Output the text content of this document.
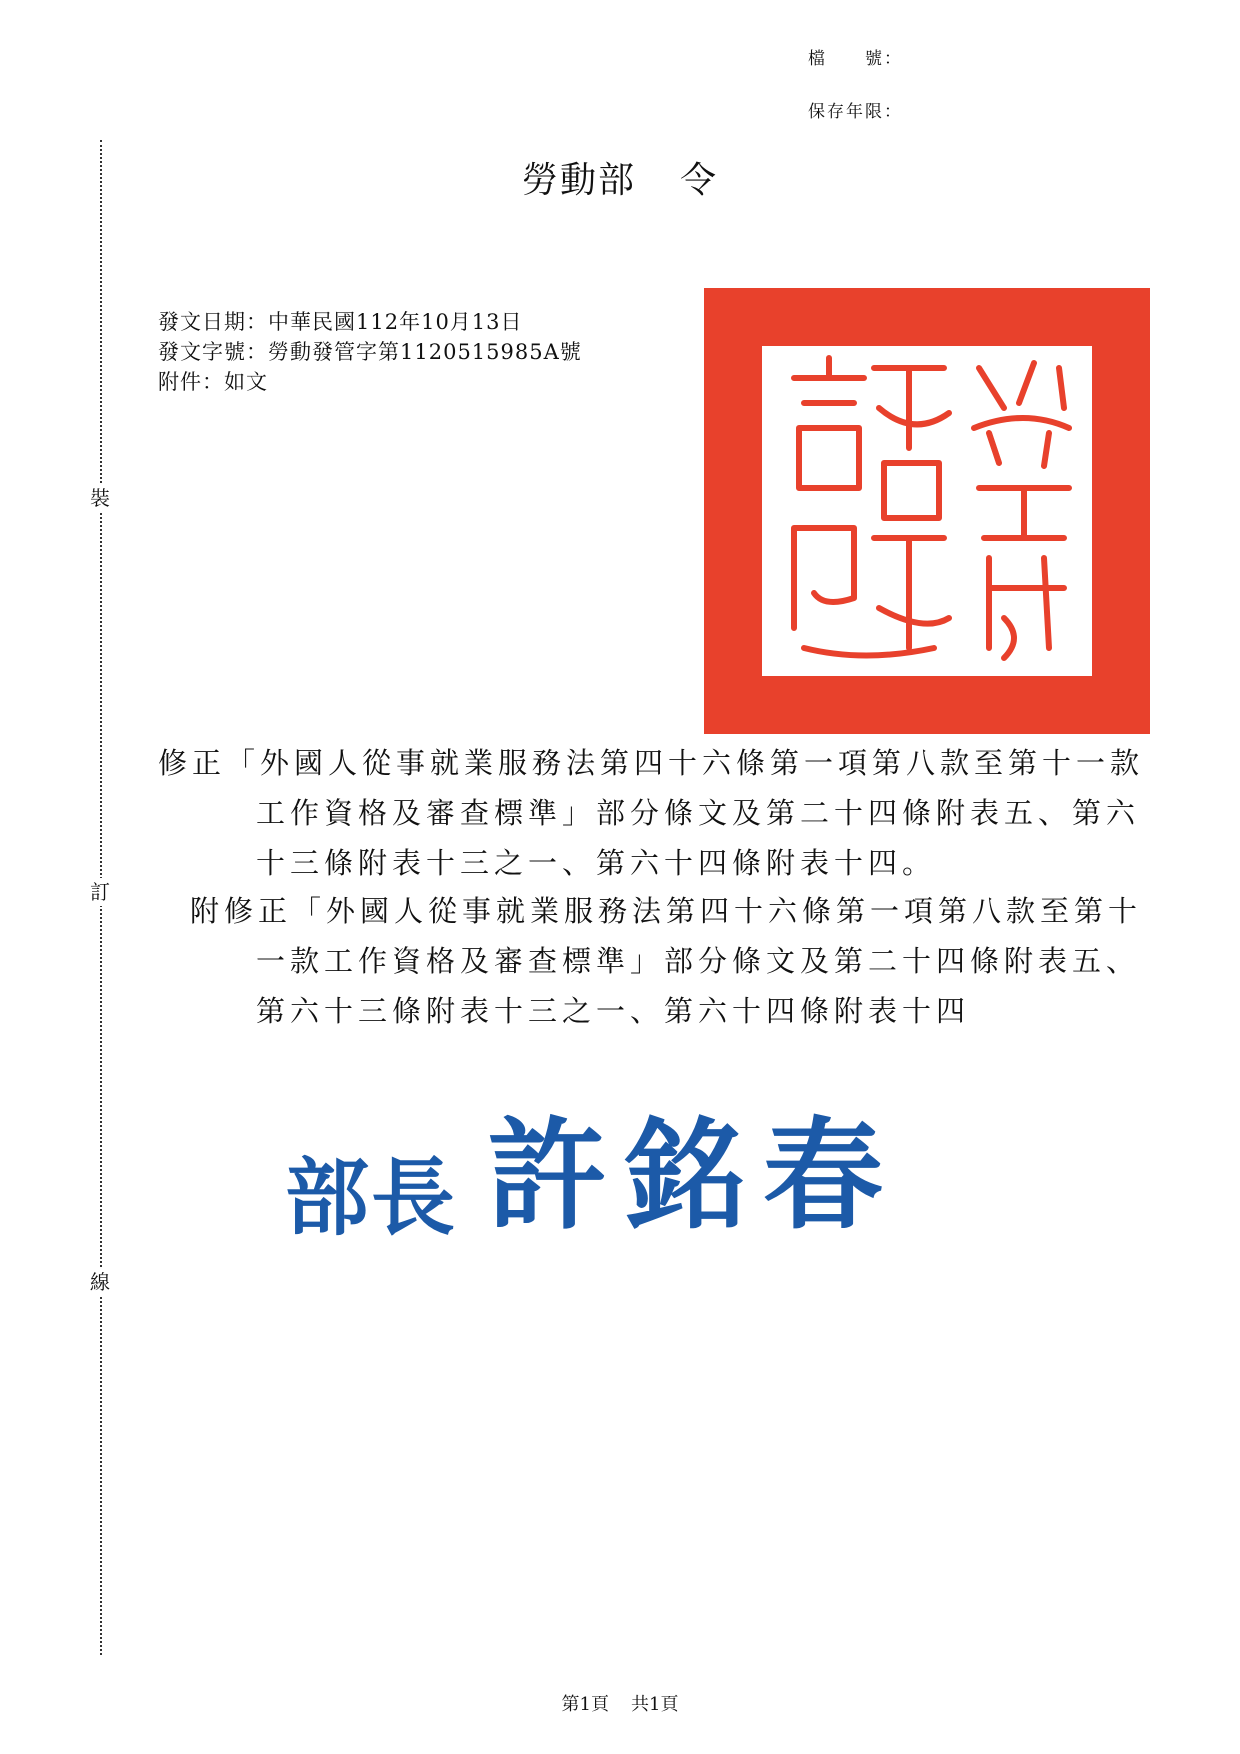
檔　　號：
保存年限：
勞動部 令
裝
訂
線
發文日期：中華民國112年10月13日
發文字號：勞動發管字第1120515985A號
附件：如文
修正「外國人從事就業服務法第四十六條第一項第八款至第十一款
工作資格及審查標準」部分條文及第二十四條附表五、第六
十三條附表十三之一、第六十四條附表十四。
附修正「外國人從事就業服務法第四十六條第一項第八款至第十
一款工作資格及審查標準」部分條文及第二十四條附表五、
第六十三條附表十三之一、第六十四條附表十四
部長 許銘春
第1頁 共1頁
